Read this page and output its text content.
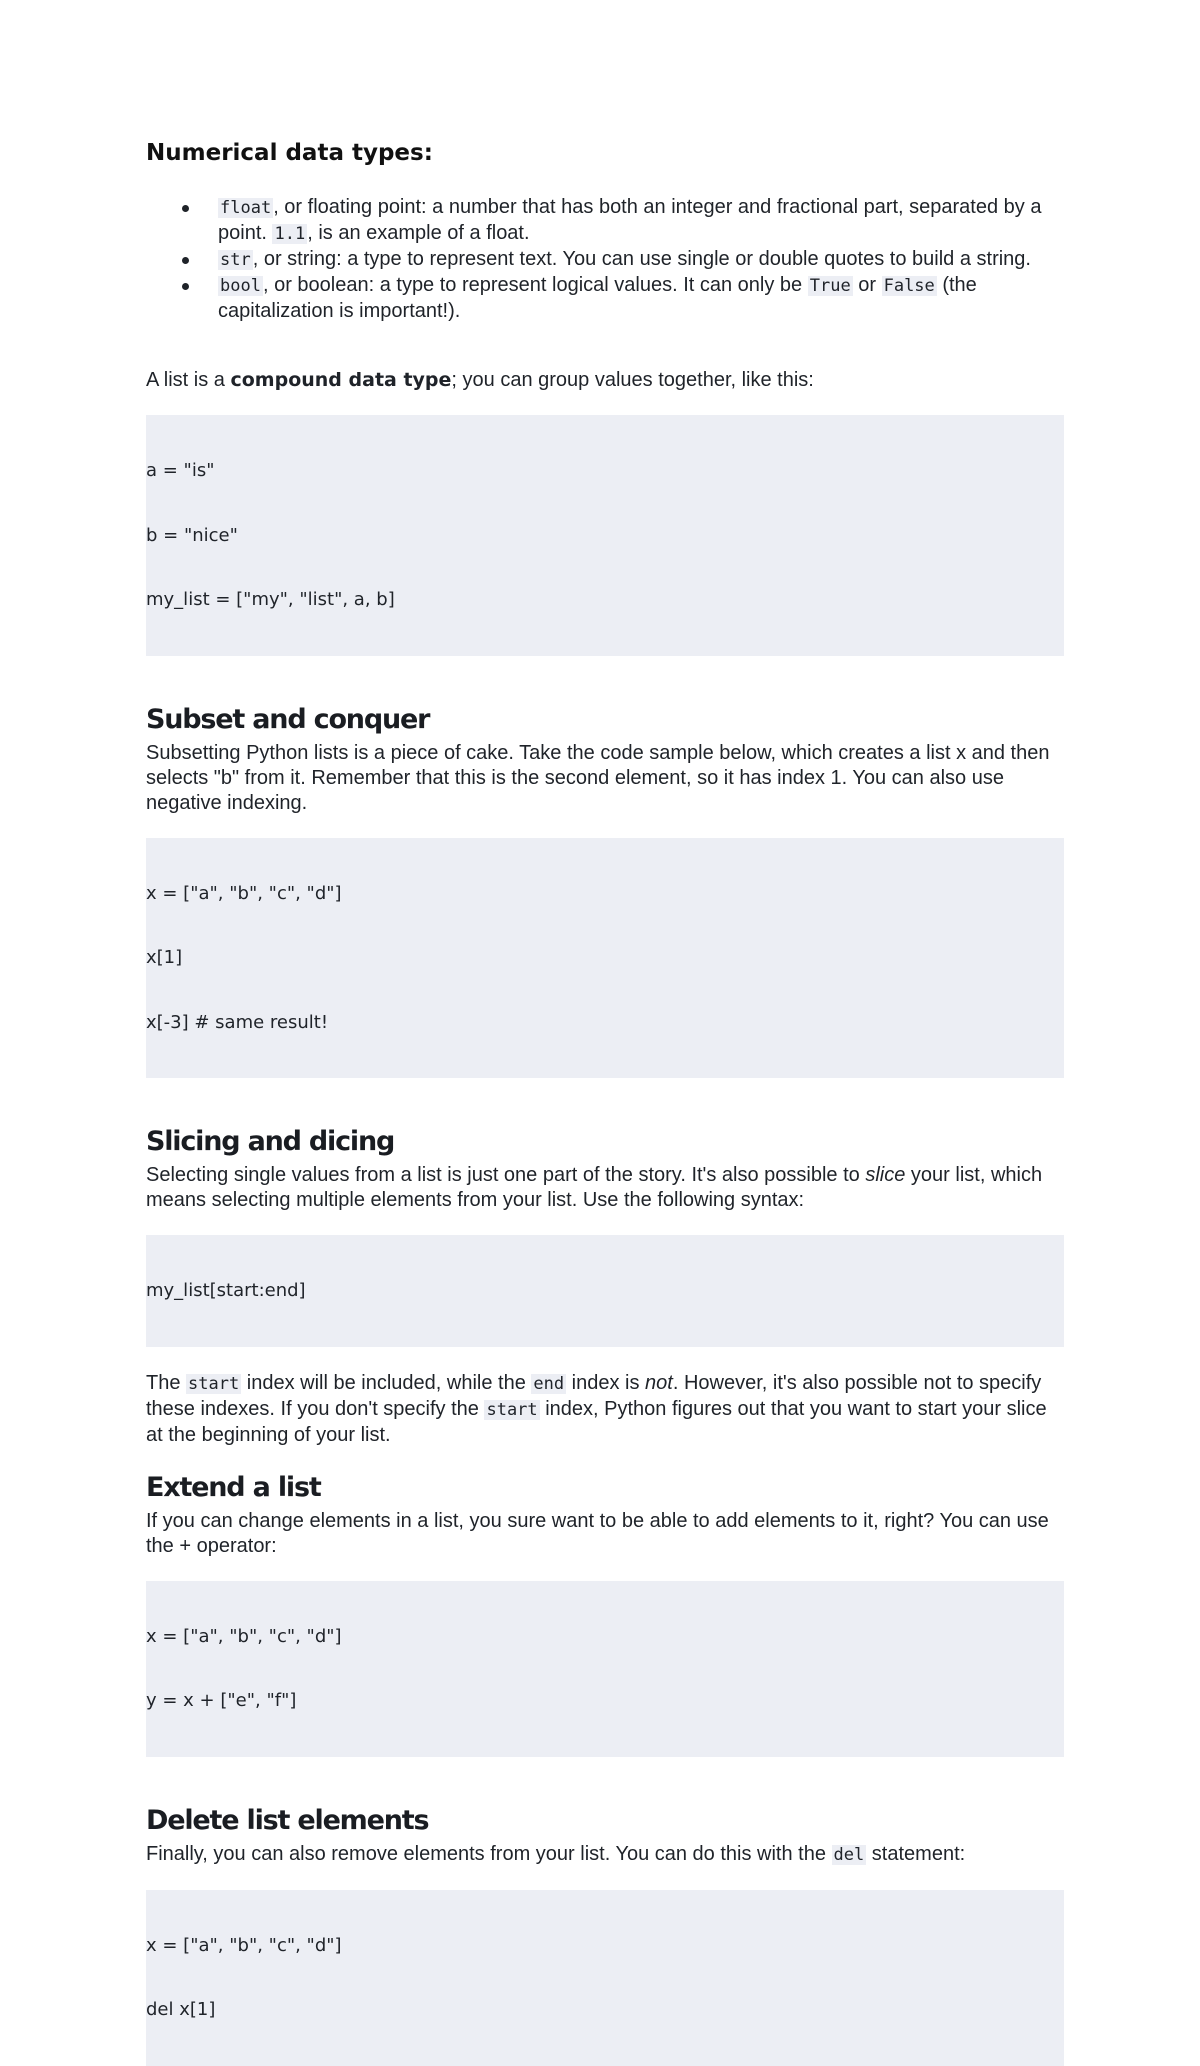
Numerical data types:
float , or floating point: a number that has both an integer and fractional part, separated by a point. 1.1 , is an example of a float.
str , or string: a type to represent text. You can use single or double quotes to build a string.
bool , or boolean: a type to represent logical values. It can only be True or False (the capitalization is important!).

A list is a compound data type; you can group values together, like this:

a = "is"

b = "nice"

my_list = ["my", "list", a, b]

Subset and conquer

Subsetting Python lists is a piece of cake. Take the code sample below, which creates a list x and then selects "b" from it. Remember that this is the second element, so it has index 1. You can also use negative indexing.

x = ["a", "b", "c", "d"]

x[1]

x[-3] # same result!

Slicing and dicing

Selecting single values from a list is just one part of the story. It's also possible to slice your list, which means selecting multiple elements from your list. Use the following syntax:

my_list[start:end]

The start index will be included, while the end index is not. However, it's also possible not to specify these indexes. If you don't specify the start index, Python figures out that you want to start your slice at the beginning of your list.

Extend a list

If you can change elements in a list, you sure want to be able to add elements to it, right? You can use the + operator:

x = ["a", "b", "c", "d"]

y = x + ["e", "f"]

Delete list elements

Finally, you can also remove elements from your list. You can do this with the del statement:

x = ["a", "b", "c", "d"]

del x[1]
